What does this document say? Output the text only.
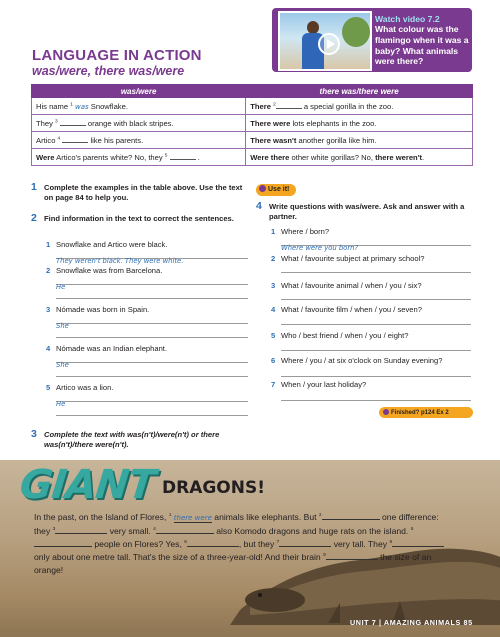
Watch video 7.2
What colour was the flamingo when it was a baby? What animals were there?
LANGUAGE IN ACTION
was/were, there was/were
was/were	there was/there were
His name $^1$ was Snowflake.	There $^2$ a special gorilla in the zoo.
They $^3$ orange with black stripes.	There were lots elephants in the zoo.
Artico $^4$ like his parents.	There wasn't another gorilla like him.
Were Artico's parents white? No, they $^5$ .	Were there other white gorillas? No, there weren't.
1 Complete the examples in the table above. Use the text on page 84 to help you.
2 Find information in the text to correct the sentences.
1 Snowflake and Artico were black.
They weren't black. They were white.
2 Snowflake was from Barcelona.
He
3 Nómade was born in Spain.
She
4 Nómade was an Indian elephant.
She
5 Artico was a lion.
He
3 Complete the text with was(n't)/were(n't) or there was(n't)/there were(n't).
Use it!
4 Write questions with was/were. Ask and answer with a partner.
1 Where / born?
Where were you born?
2 What / favourite subject at primary school?
3 What / favourite animal / when / you / six?
4 What / favourite film / when / you / seven?
5 Who / best friend / when / you / eight?
6 Where / you / at six o'clock on Sunday evening?
7 When / your last holiday?
Finished? p124 Ex 2
GIANT DRAGONS!
In the past, on the Island of Flores, $^1$ there were animals like elephants. But $^2$	one difference: they $^3$	very small. $^4$	also Komodo dragons and huge rats on the island. $^5$ people on Flores? Yes, $^6$	, but they $^7$	very tall. They $^8$ only about one metre tall. That's the size of a three-year-old! And their brain $^9$	the size of an orange!
UNIT 7 | AMAZING ANIMALS 85
